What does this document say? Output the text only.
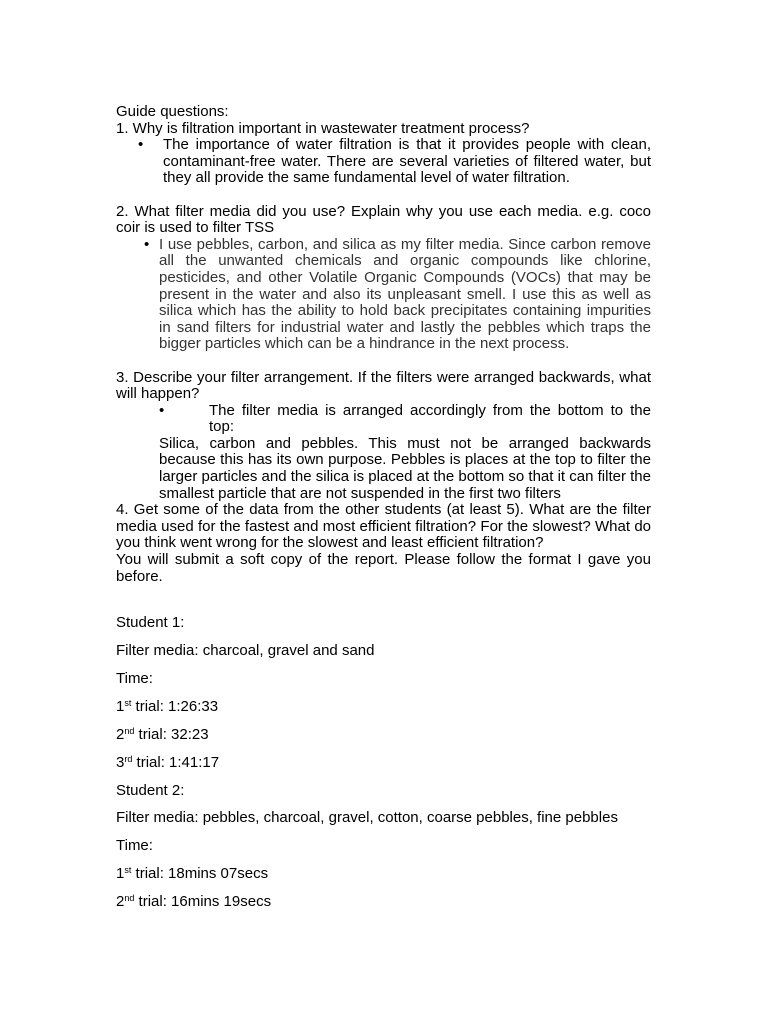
Guide questions:

1. Why is filtration important in wastewater treatment process?

• The importance of water filtration is that it provides people with clean, contaminant-free water. There are several varieties of filtered water, but they all provide the same fundamental level of water filtration.

2. What filter media did you use? Explain why you use each media. e.g. coco coir is used to filter TSS

• I use pebbles, carbon, and silica as my filter media. Since carbon remove all the unwanted chemicals and organic compounds like chlorine, pesticides, and other Volatile Organic Compounds (VOCs) that may be present in the water and also its unpleasant smell. I use this as well as silica which has the ability to hold back precipitates containing impurities in sand filters for industrial water and lastly the pebbles which traps the bigger particles which can be a hindrance in the next process.

3. Describe your filter arrangement. If the filters were arranged backwards, what will happen?

•	The filter media is arranged accordingly from the bottom to the top:

Silica, carbon and pebbles. This must not be arranged backwards because this has its own purpose. Pebbles is places at the top to filter the larger particles and the silica is placed at the bottom so that it can filter the smallest particle that are not suspended in the first two filters

4. Get some of the data from the other students (at least 5). What are the filter media used for the fastest and most efficient filtration? For the slowest? What do you think went wrong for the slowest and least efficient filtration?

You will submit a soft copy of the report. Please follow the format I gave you before.

Student 1:

Filter media: charcoal, gravel and sand

Time:

1st trial: 1:26:33

2nd trial: 32:23

3rd trial: 1:41:17

Student 2:

Filter media: pebbles, charcoal, gravel, cotton, coarse pebbles, fine pebbles

Time:

1st trial: 18mins 07secs

2nd trial: 16mins 19secs
